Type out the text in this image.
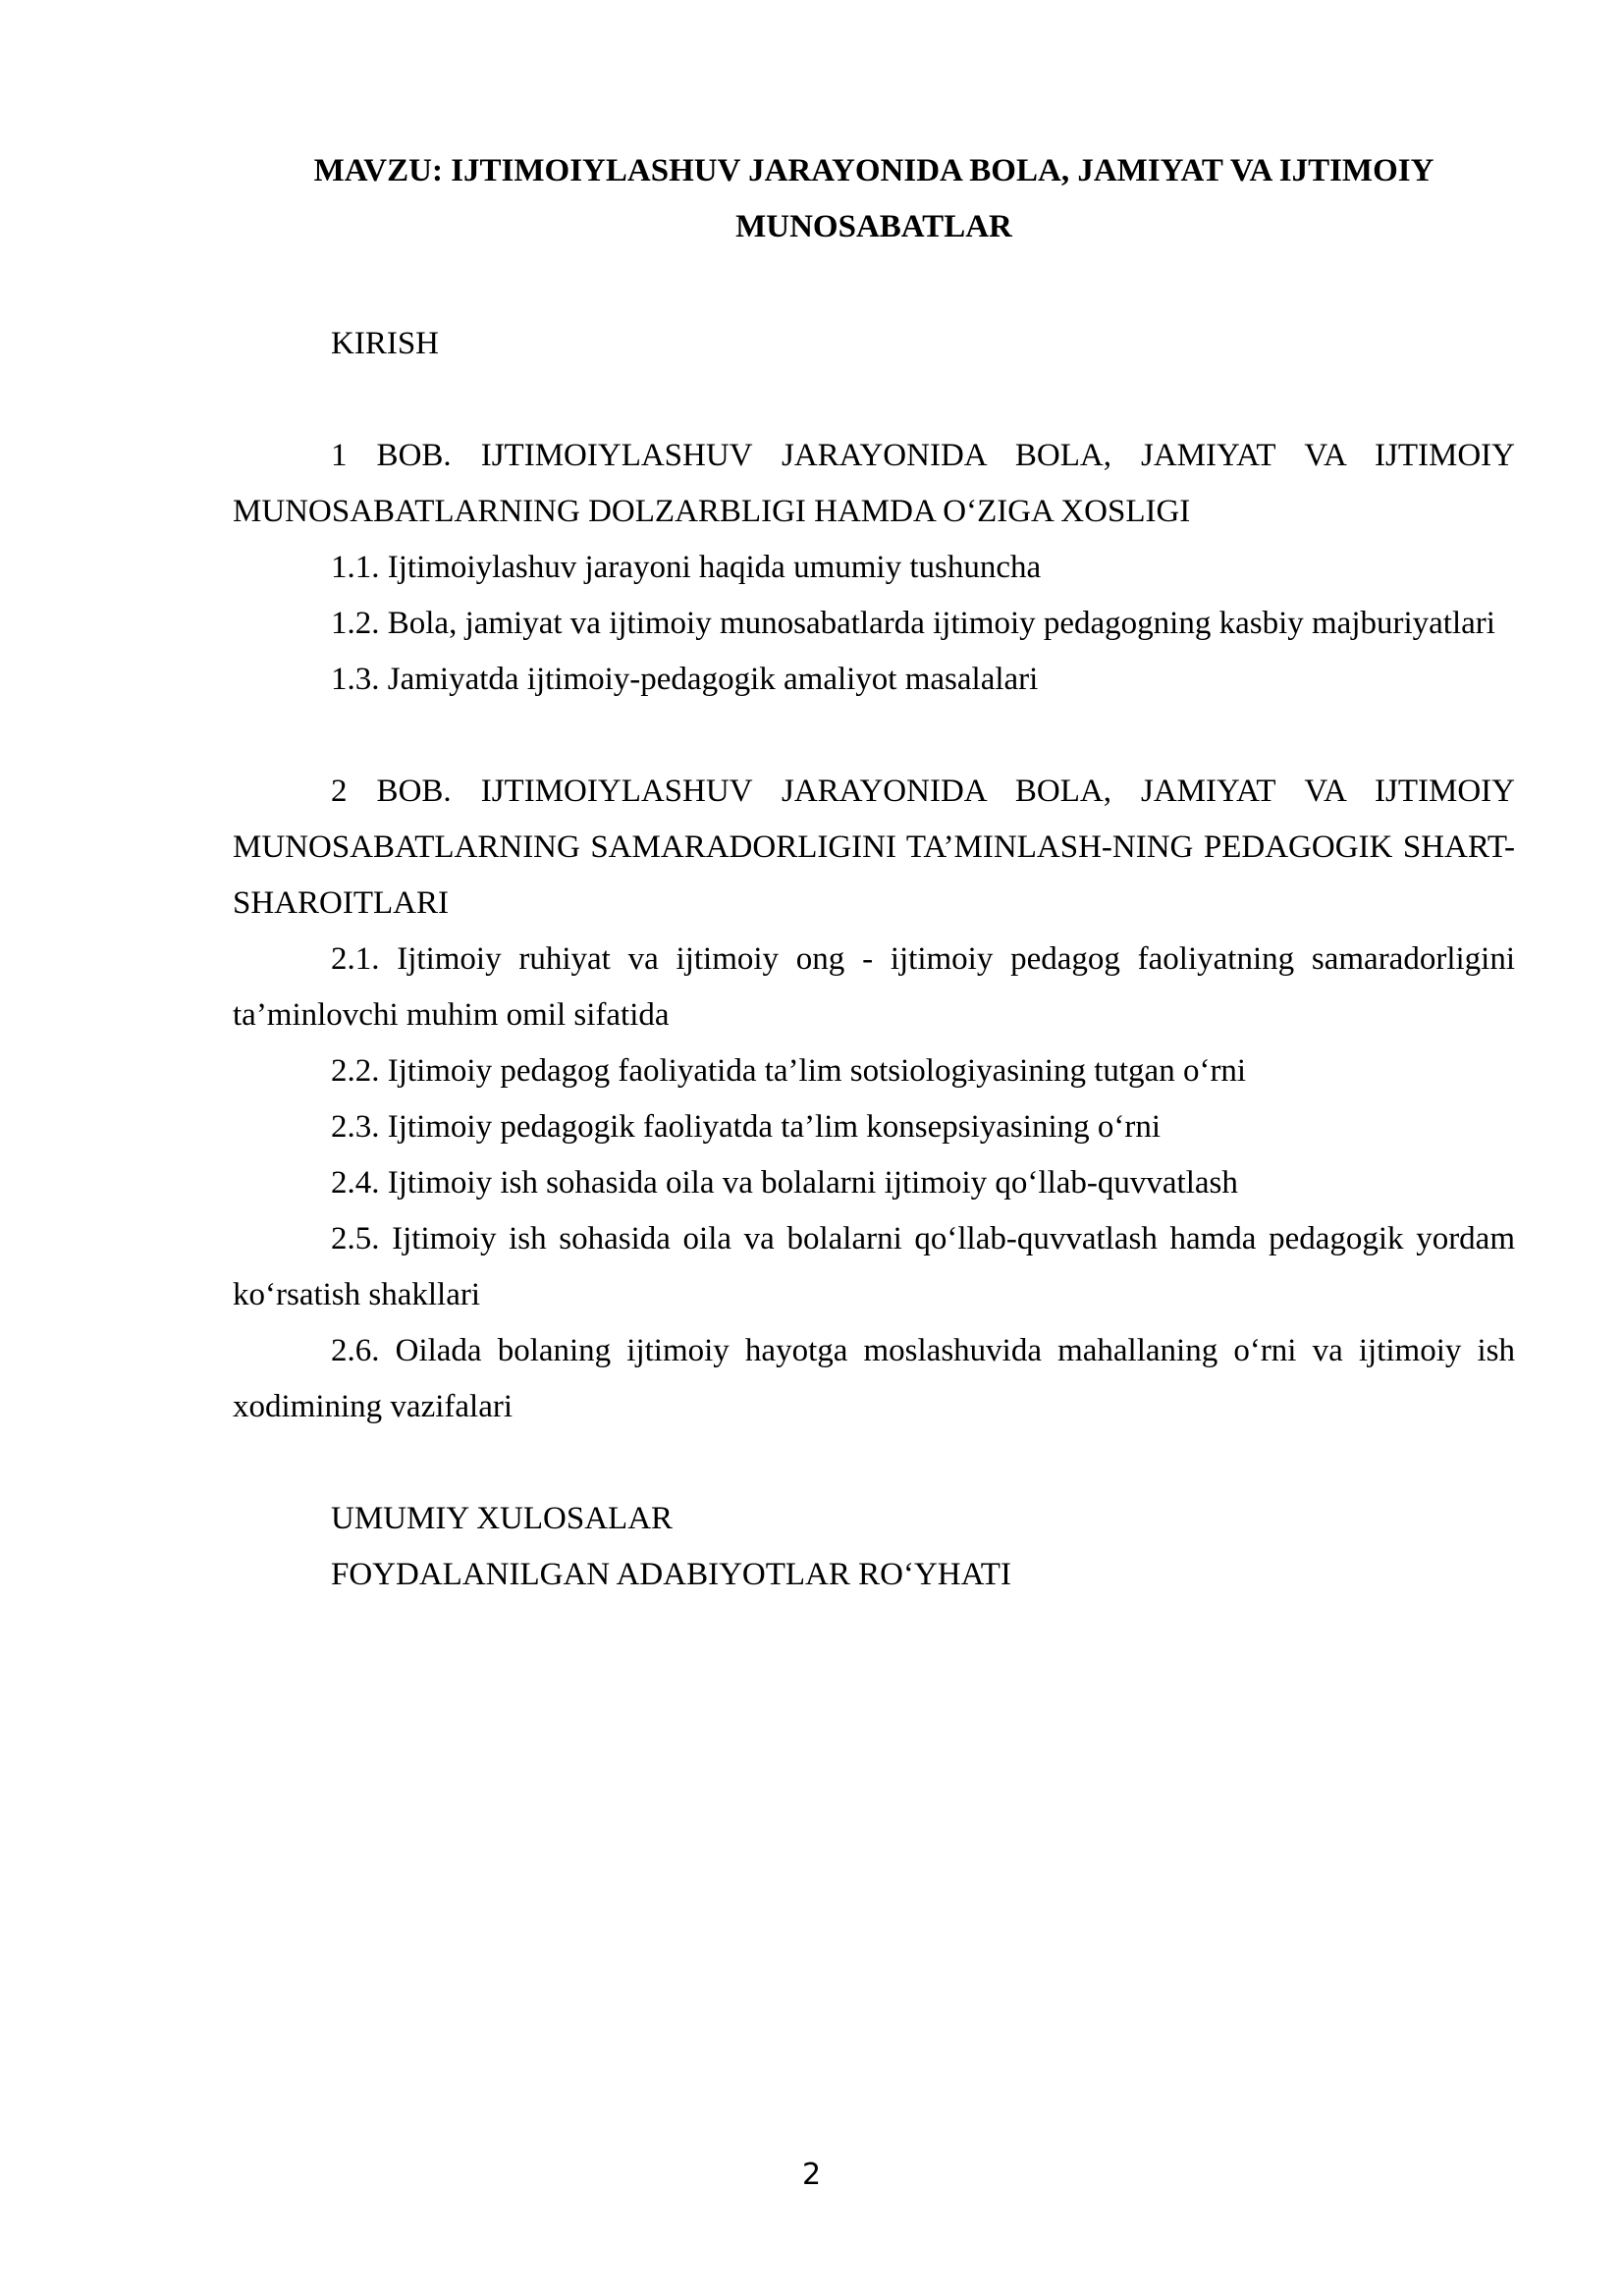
MAVZU: IJTIMOIYLASHUV JARAYONIDA BOLA, JAMIYAT VA IJTIMOIY MUNOSABATLAR

KIRISH

1 BOB. IJTIMOIYLASHUV JARAYONIDA BOLA, JAMIYAT VA IJTIMOIY MUNOSABATLARNING DOLZARBLIGI HAMDA O‘ZIGA XOSLIGI

1.1. Ijtimoiylashuv jarayoni haqida umumiy tushuncha

1.2. Bola, jamiyat va ijtimoiy munosabatlarda ijtimoiy pedagogning kasbiy majburiyatlari

1.3. Jamiyatda ijtimoiy-pedagogik amaliyot masalalari

2 BOB. IJTIMOIYLASHUV JARAYONIDA BOLA, JAMIYAT VA IJTIMOIY MUNOSABATLARNING SAMARADORLIGINI TA’MINLASH-NING PEDAGOGIK SHART-SHAROITLARI

2.1. Ijtimoiy ruhiyat va ijtimoiy ong - ijtimoiy pedagog faoliyatning samaradorligini ta’minlovchi muhim omil sifatida

2.2. Ijtimoiy pedagog faoliyatida ta’lim sotsiologiyasining tutgan o‘rni

2.3. Ijtimoiy pedagogik faoliyatda ta’lim konsepsiyasining o‘rni

2.4. Ijtimoiy ish sohasida oila va bolalarni ijtimoiy qo‘llab-quvvatlash

2.5. Ijtimoiy ish sohasida oila va bolalarni qo‘llab-quvvatlash hamda pedagogik yordam ko‘rsatish shakllari

2.6. Oilada bolaning ijtimoiy hayotga moslashuvida mahallaning o‘rni va ijtimoiy ish xodimining vazifalari

UMUMIY XULOSALAR

FOYDALANILGAN ADABIYOTLAR RO‘YHATI

2
